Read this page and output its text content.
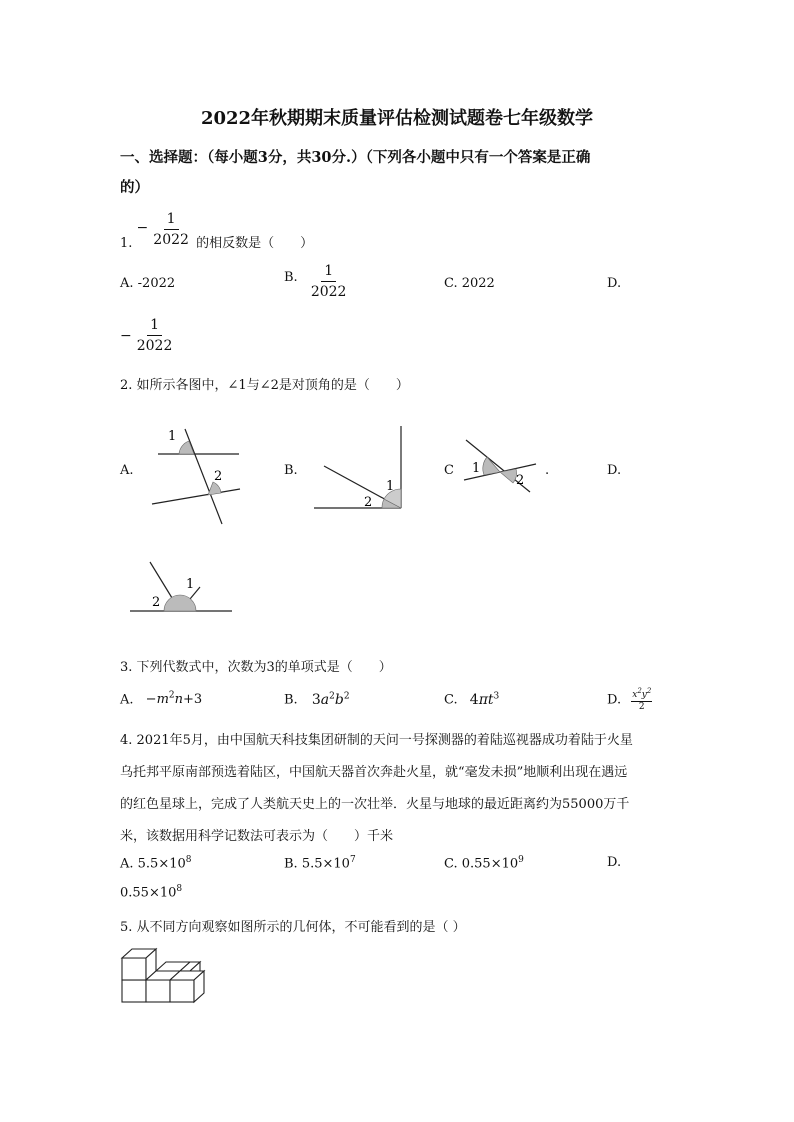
2022年秋期期末质量评估检测试题卷七年级数学
一、选择题：（每小题3分，共30分.）（下列各小题中只有一个答案是正确
的）
1. − $\frac{1}{2022}$ 的相反数是（　　）
A. -2022	B. $\frac{1}{2022}$	C. 2022	D.
− $\frac{1}{2022}$
2. 如所示各图中，∠1与∠2是对顶角的是（　　）
A.
1
2	B.
2
1
C 1
2
.	D.
1
2
3. 下列代数式中，次数为3的单项式是（　　）
A. $-m^2n+3$	B. $3a^2b^2$	C. $4\pi t^3$	D. $\frac{x^2y^2}{2}$
4. 2021年5月，由中国航天科技集团研制的天问一号探测器的着陆巡视器成功着陆于火星
乌托邦平原南部预选着陆区，中国航天器首次奔赴火星，就“毫发未损”地顺利出现在遇远
的红色星球上，完成了人类航天史上的一次壮举．火星与地球的最近距离约为55000万千
米，该数据用科学记数法可表示为（　　）千米
A. $5.5\times 10^8$	B. $5.5\times 10^7$	C. $0.55\times 10^9$	D.
$0.55\times 10^8$
5. 从不同方向观察如图所示的几何体，不可能看到的是（ ）
